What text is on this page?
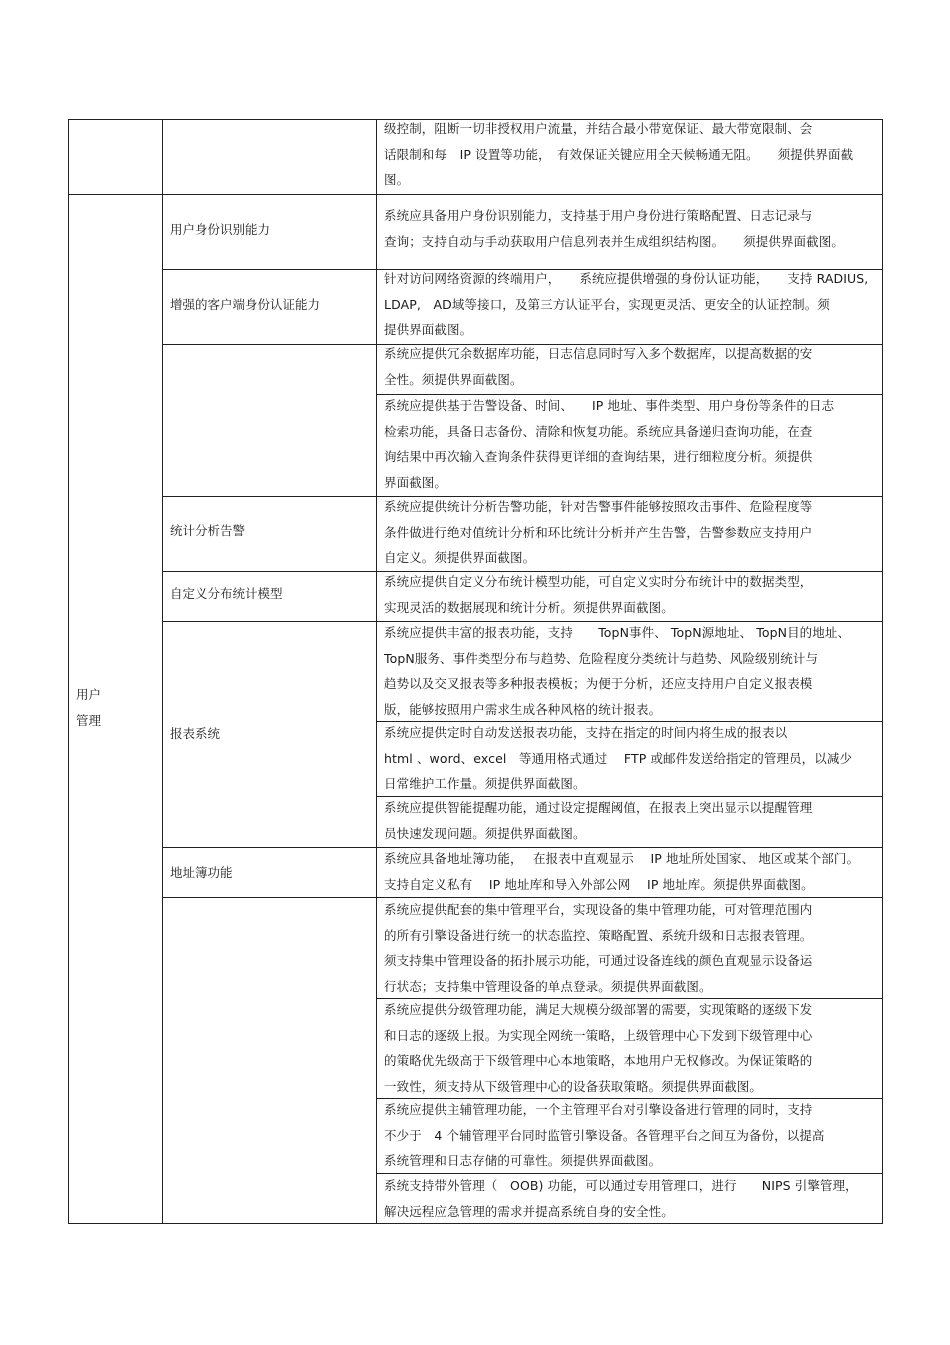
用户
管理
用户身份识别能力
增强的客户端身份认证能力
统计分析告警
自定义分布统计模型
报表系统
地址簿功能
级控制，阻断一切非授权用户流量，并结合最小带宽保证、最大带宽限制、会
话限制和每　IP 设置等功能，　有效保证关键应用全天候畅通无阻。　　须提供界面截
图。
系统应具备用户身份识别能力，支持基于用户身份进行策略配置、日志记录与
查询；支持自动与手动获取用户信息列表并生成组织结构图。　　须提供界面截图。
针对访问网络资源的终端用户，　　系统应提供增强的身份认证功能，　　支持 RADIUS,
LDAP,　AD域等接口，及第三方认证平台，实现更灵活、更安全的认证控制。须
提供界面截图。
系统应提供冗余数据库功能，日志信息同时写入多个数据库，以提高数据的安
全性。须提供界面截图。
系统应提供基于告警设备、时间、　　IP 地址、事件类型、用户身份等条件的日志
检索功能，具备日志备份、清除和恢复功能。系统应具备递归查询功能，在查
询结果中再次输入查询条件获得更详细的查询结果，进行细粒度分析。须提供
界面截图。
系统应提供统计分析告警功能，针对告警事件能够按照攻击事件、危险程度等
条件做进行绝对值统计分析和环比统计分析并产生告警，告警参数应支持用户
自定义。须提供界面截图。
系统应提供自定义分布统计模型功能，可自定义实时分布统计中的数据类型，
实现灵活的数据展现和统计分析。须提供界面截图。
系统应提供丰富的报表功能，支持　　TopN事件、 TopN源地址、 TopN目的地址、
TopN服务、事件类型分布与趋势、危险程度分类统计与趋势、风险级别统计与
趋势以及交叉报表等多种报表模板；为便于分析，还应支持用户自定义报表模
版，能够按照用户需求生成各种风格的统计报表。
系统应提供定时自动发送报表功能，支持在指定的时间内将生成的报表以
html 、word、excel　等通用格式通过　 FTP 或邮件发送给指定的管理员，以减少
日常维护工作量。须提供界面截图。
系统应提供智能提醒功能，通过设定提醒阈值，在报表上突出显示以提醒管理
员快速发现问题。须提供界面截图。
系统应具备地址簿功能，　 在报表中直观显示　 IP 地址所处国家、 地区或某个部门。
支持自定义私有　 IP 地址库和导入外部公网　 IP 地址库。须提供界面截图。
系统应提供配套的集中管理平台，实现设备的集中管理功能，可对管理范围内
的所有引擎设备进行统一的状态监控、策略配置、系统升级和日志报表管理。
须支持集中管理设备的拓扑展示功能，可通过设备连线的颜色直观显示设备运
行状态；支持集中管理设备的单点登录。须提供界面截图。
系统应提供分级管理功能，满足大规模分级部署的需要，实现策略的逐级下发
和日志的逐级上报。为实现全网统一策略，上级管理中心下发到下级管理中心
的策略优先级高于下级管理中心本地策略，本地用户无权修改。为保证策略的
一致性，须支持从下级管理中心的设备获取策略。须提供界面截图。
系统应提供主辅管理功能，一个主管理平台对引擎设备进行管理的同时，支持
不少于　4 个辅管理平台同时监管引擎设备。各管理平台之间互为备份，以提高
系统管理和日志存储的可靠性。须提供界面截图。
系统支持带外管理（　OOB) 功能，可以通过专用管理口，进行　　NIPS 引擎管理，
解决远程应急管理的需求并提高系统自身的安全性。
